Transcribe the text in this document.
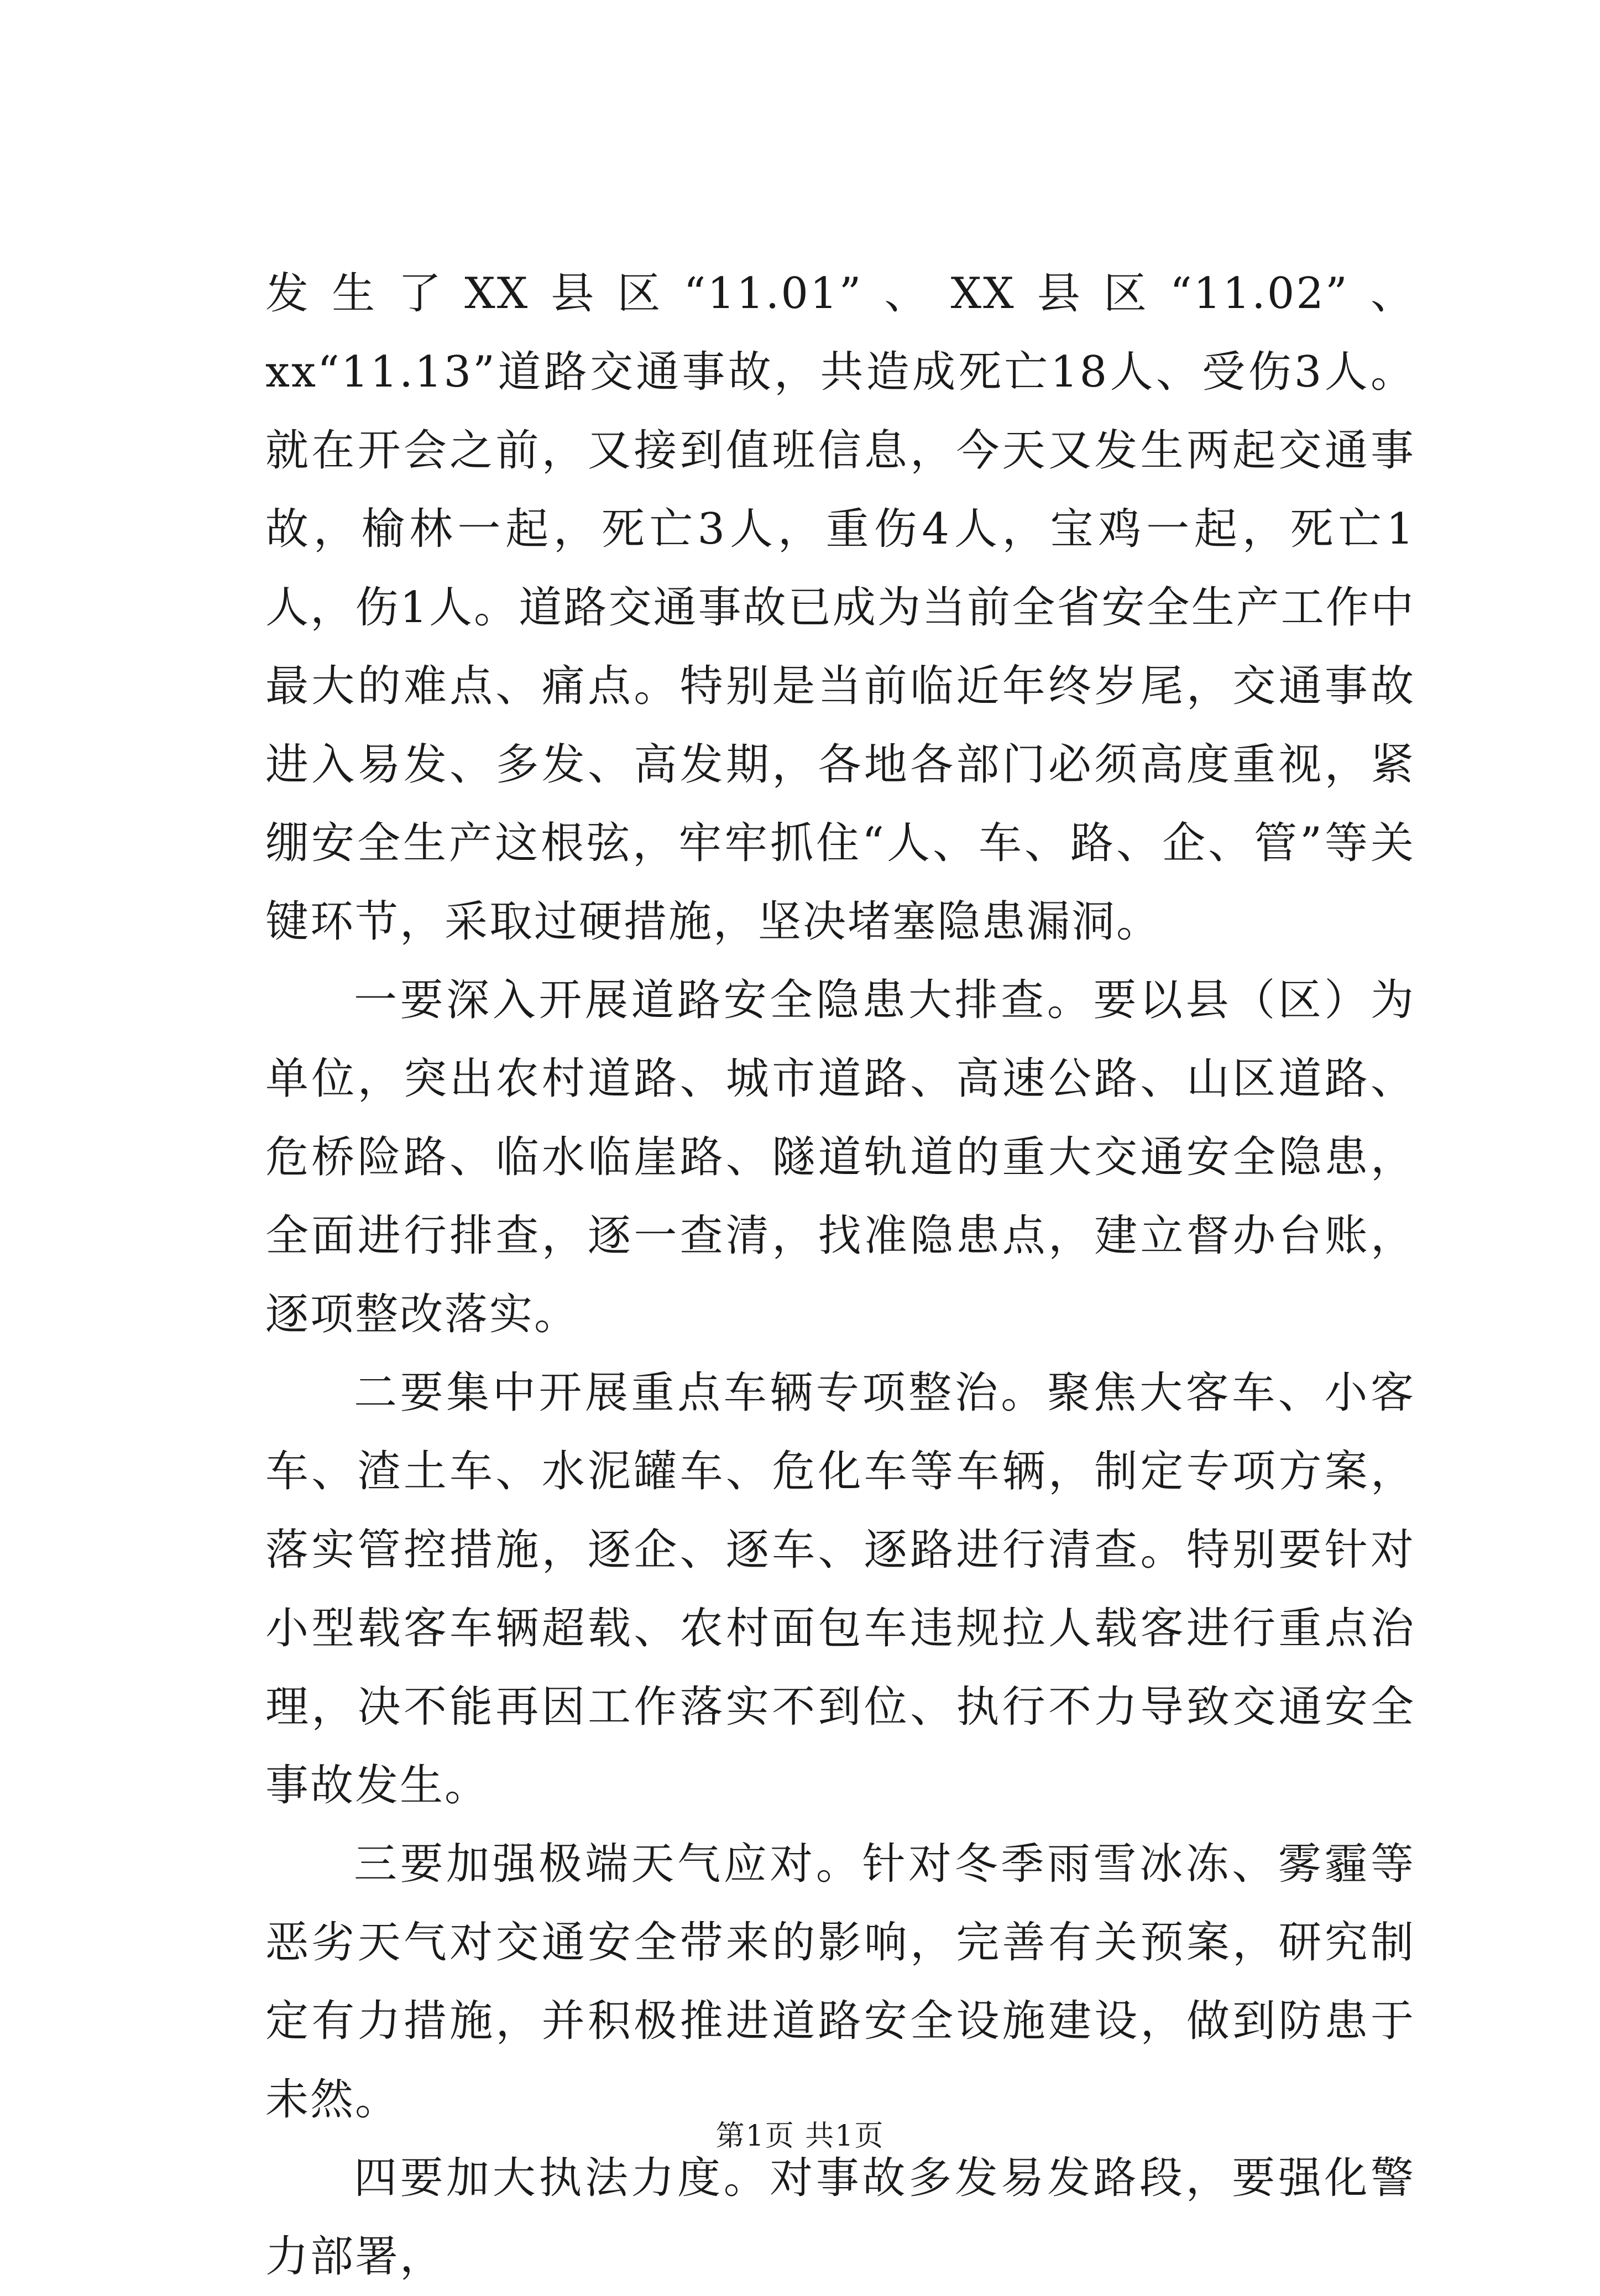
发生了XX县区“11.01”、XX县区“11.02”、xx“11.13”道路交通事故，共造成死亡18人、受伤3人。就在开会之前，又接到值班信息，今天又发生两起交通事故，榆林一起，死亡3人，重伤4人，宝鸡一起，死亡1人，伤1人。道路交通事故已成为当前全省安全生产工作中最大的难点、痛点。特别是当前临近年终岁尾，交通事故进入易发、多发、高发期，各地各部门必须高度重视，紧绷安全生产这根弦，牢牢抓住“人、车、路、企、管”等关键环节，采取过硬措施，坚决堵塞隐患漏洞。

一要深入开展道路安全隐患大排查。要以县（区）为单位，突出农村道路、城市道路、高速公路、山区道路、危桥险路、临水临崖路、隧道轨道的重大交通安全隐患，全面进行排查，逐一查清，找准隐患点，建立督办台账，逐项整改落实。

二要集中开展重点车辆专项整治。聚焦大客车、小客车、渣土车、水泥罐车、危化车等车辆，制定专项方案，落实管控措施，逐企、逐车、逐路进行清查。特别要针对小型载客车辆超载、农村面包车违规拉人载客进行重点治理，决不能再因工作落实不到位、执行不力导致交通安全事故发生。

三要加强极端天气应对。针对冬季雨雪冰冻、雾霾等恶劣天气对交通安全带来的影响，完善有关预案，研究制定有力措施，并积极推进道路安全设施建设，做到防患于未然。

四要加大执法力度。对事故多发易发路段，要强化警力部署，

第1页 共1页
